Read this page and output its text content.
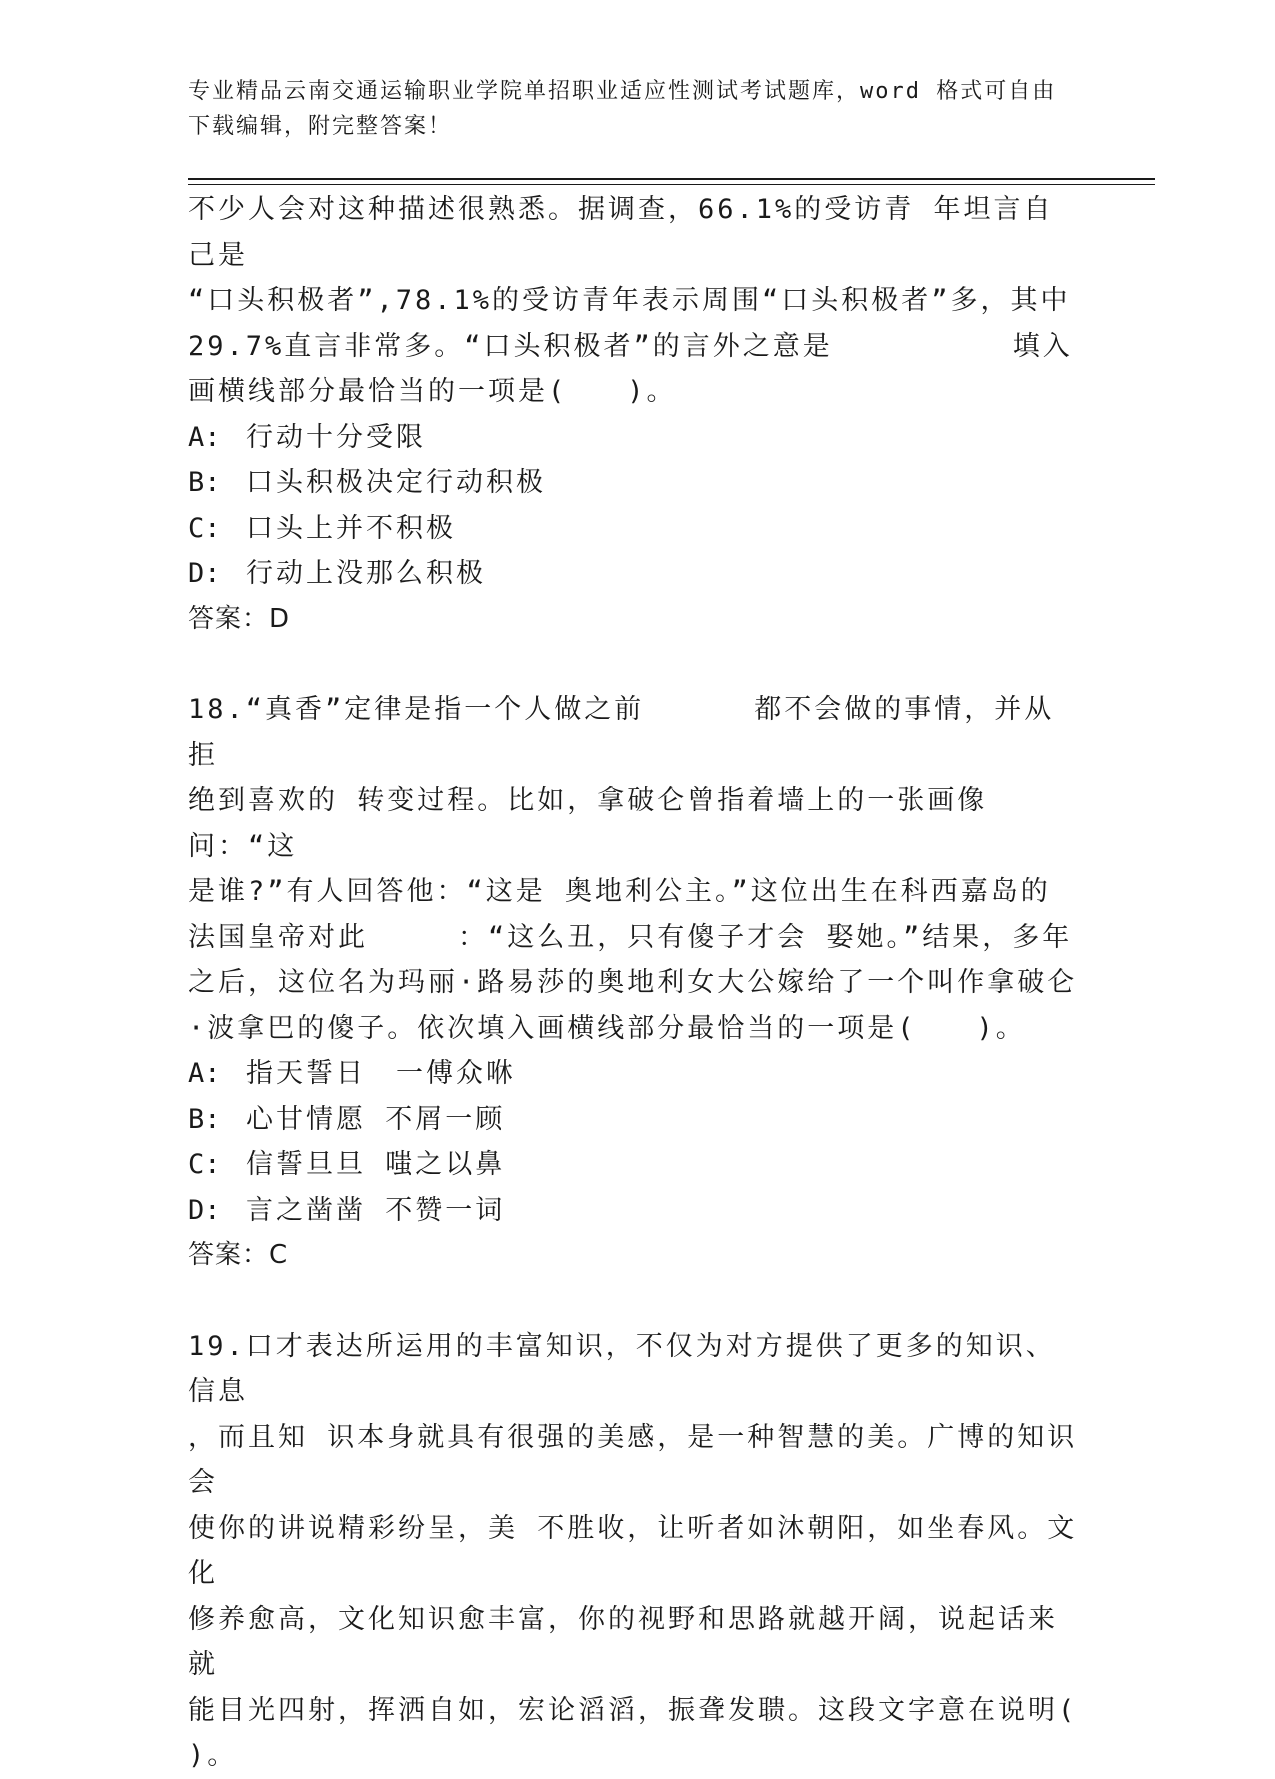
专业精品云南交通运输职业学院单招职业适应性测试考试题库，word 格式可自由
下载编辑，附完整答案！
不少人会对这种描述很熟悉。据调查，66.1%的受访青 年坦言自己是
“口头积极者”,78.1%的受访青年表示周围“口头积极者”多，其中
29.7%直言非常多。“口头积极者”的言外之意是	填入
画横线部分最恰当的一项是(　　)。
A: 行动十分受限
B: 口头积极决定行动积极
C: 口头上并不积极
D: 行动上没那么积极
答案：D
18.“真香”定律是指一个人做之前	都不会做的事情，并从拒
绝到喜欢的 转变过程。比如，拿破仑曾指着墙上的一张画像问：“这
是谁?”有人回答他：“这是 奥地利公主。”这位出生在科西嘉岛的
法国皇帝对此	：“这么丑，只有傻子才会 娶她。”结果，多年
之后，这位名为玛丽·路易莎的奥地利女大公嫁给了一个叫作拿破仑
·波拿巴的傻子。依次填入画横线部分最恰当的一项是(　　)。
A: 指天誓日　一傅众咻
B: 心甘情愿 不屑一顾
C: 信誓旦旦 嗤之以鼻
D: 言之凿凿 不赞一词
答案：C
19.口才表达所运用的丰富知识，不仅为对方提供了更多的知识、信息
，而且知 识本身就具有很强的美感，是一种智慧的美。广博的知识会
使你的讲说精彩纷呈，美 不胜收，让听者如沐朝阳，如坐春风。文化
修养愈高，文化知识愈丰富，你的视野和思路就越开阔，说起话来就
能目光四射，挥洒自如，宏论滔滔，振聋发聩。这段文字意在说明(
)。
